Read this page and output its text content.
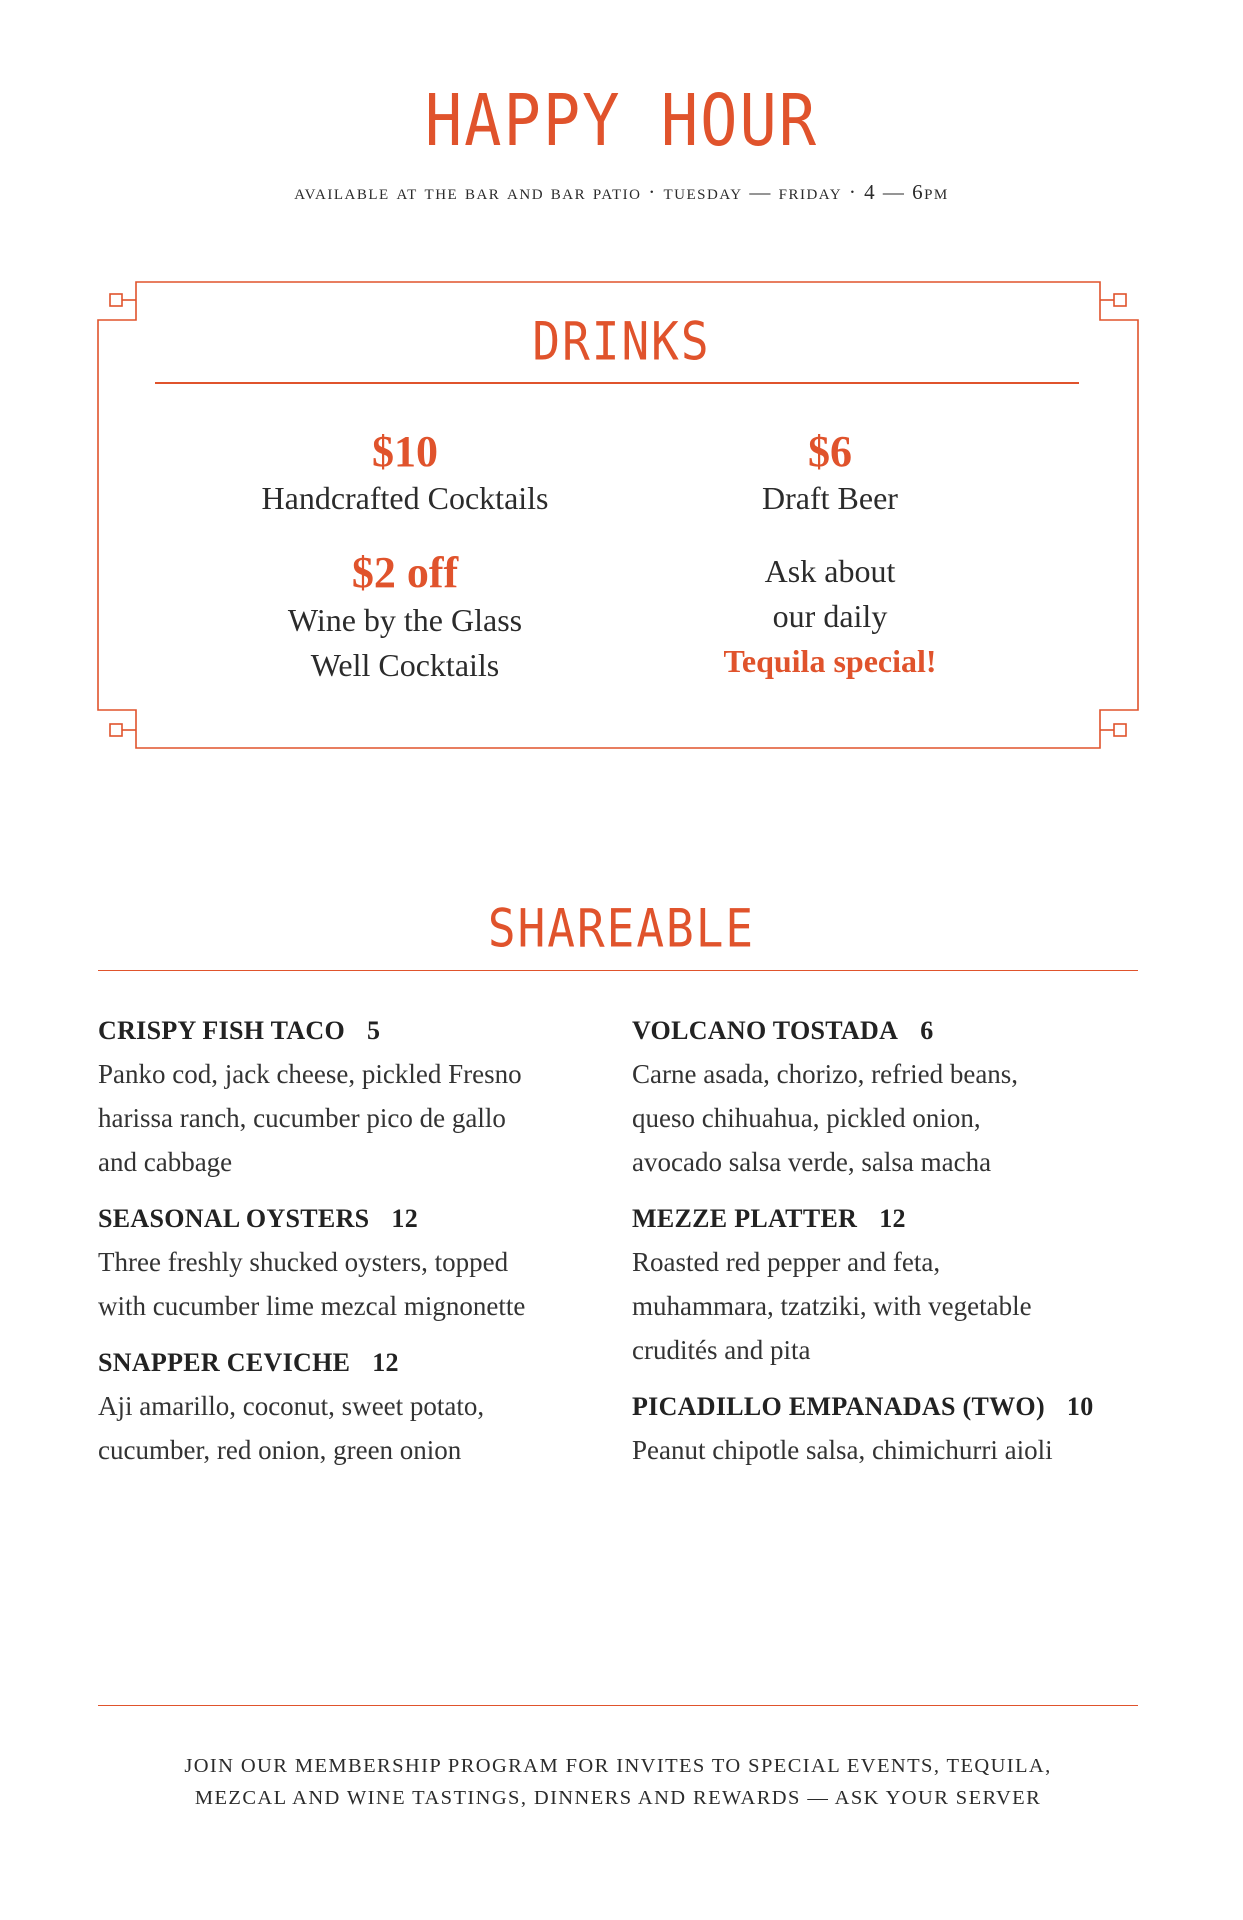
HAPPY HOUR
available at the bar and bar patio · tuesday — friday · 4 — 6pm
DRINKS
$10
Handcrafted Cocktails
$2 off
Wine by the Glass
Well Cocktails
$6
Draft Beer
Ask about
our daily
Tequila special!
SHAREABLE
CRISPY FISH TACO 5
Panko cod, jack cheese, pickled Fresno
harissa ranch, cucumber pico de gallo
and cabbage
SEASONAL OYSTERS 12
Three freshly shucked oysters, topped
with cucumber lime mezcal mignonette
SNAPPER CEVICHE 12
Aji amarillo, coconut, sweet potato,
cucumber, red onion, green onion
VOLCANO TOSTADA 6
Carne asada, chorizo, refried beans,
queso chihuahua, pickled onion,
avocado salsa verde, salsa macha
MEZZE PLATTER 12
Roasted red pepper and feta,
muhammara, tzatziki, with vegetable
crudités and pita
PICADILLO EMPANADAS (TWO) 10
Peanut chipotle salsa, chimichurri aioli
JOIN OUR MEMBERSHIP PROGRAM FOR INVITES TO SPECIAL EVENTS, TEQUILA,
MEZCAL AND WINE TASTINGS, DINNERS AND REWARDS — ASK YOUR SERVER
